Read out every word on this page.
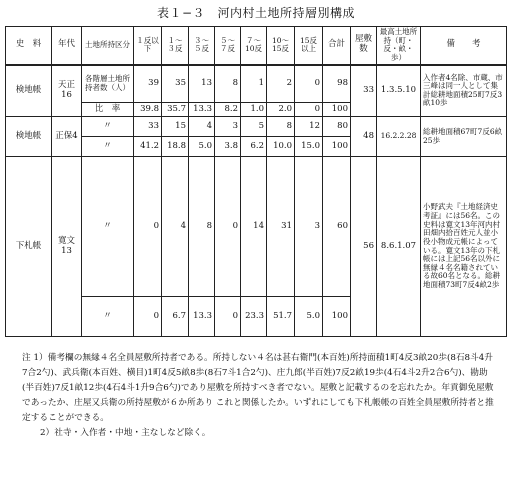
表１−３　河内村土地所持層別構成
史　料	年代	土地所持区分	１反以下	１〜３反	３〜５反	５〜７反	７〜10反	10〜15反	15反以上	合計	屋敷数	最高土地所持（町・反・畝・歩）	備　　考
検地帳	天正16	各階層土地所持者数（人）	39	35	13	8	1	2	0	98	33	1.3.5.10	入作者4名除、市蔵、市三峰は同一人として集計総耕地面積25町7反3畝10歩
		比　率	39.8	35.7	13.3	8.2	1.0	2.0	0	100			
検地帳	正保4	〃	33	15	4	3	5	8	12	80	48	16.2.2.28	総耕地面積67町7反6畝25歩
		〃	41.2	18.8	5.0	3.8	6.2	10.0	15.0	100			
下札帳	寛文13	〃	0	4	8	0	14	31	3	60	56	8.6.1.07	小野武夫『土地経済史考証』には56名。この史料は寛文13年河内村田畑内拾百姓元人並小役小物成元帳によっている。寛文13年の下札帳には上記56名以外に無縁４名名籍されている故60名となる。総耕地面積73町7反4畝2歩
		〃	0	6.7	13.3	0	23.3	51.7	5.0	100			

注 1）備考欄の無縁４名全員屋敷所持者である。所持しない４名は甚右衛門(本百姓)所持面積1町4反3畝20歩(8石8斗4升7合2勺)、武兵衛(本百姓、横目)1町4反5畝8歩(8石7斗1合2勺)、庄九郎(半百姓)7反2畝19歩(4石4斗2升2合6勺)、勘助(半百姓)7反1畝12歩(4石4斗1升9合6勺)であり屋敷を所持すべき者でない。屋敷と記載するのを忘れたか。年貢御免屋敷であったか、庄屋又兵衛の所持屋敷が６か所あり これと関係したか。いずれにしても下札帳帳の百姓全員屋敷所持者と推定することができる。

2）社寺・入作者・中地・主なしなど除く。
